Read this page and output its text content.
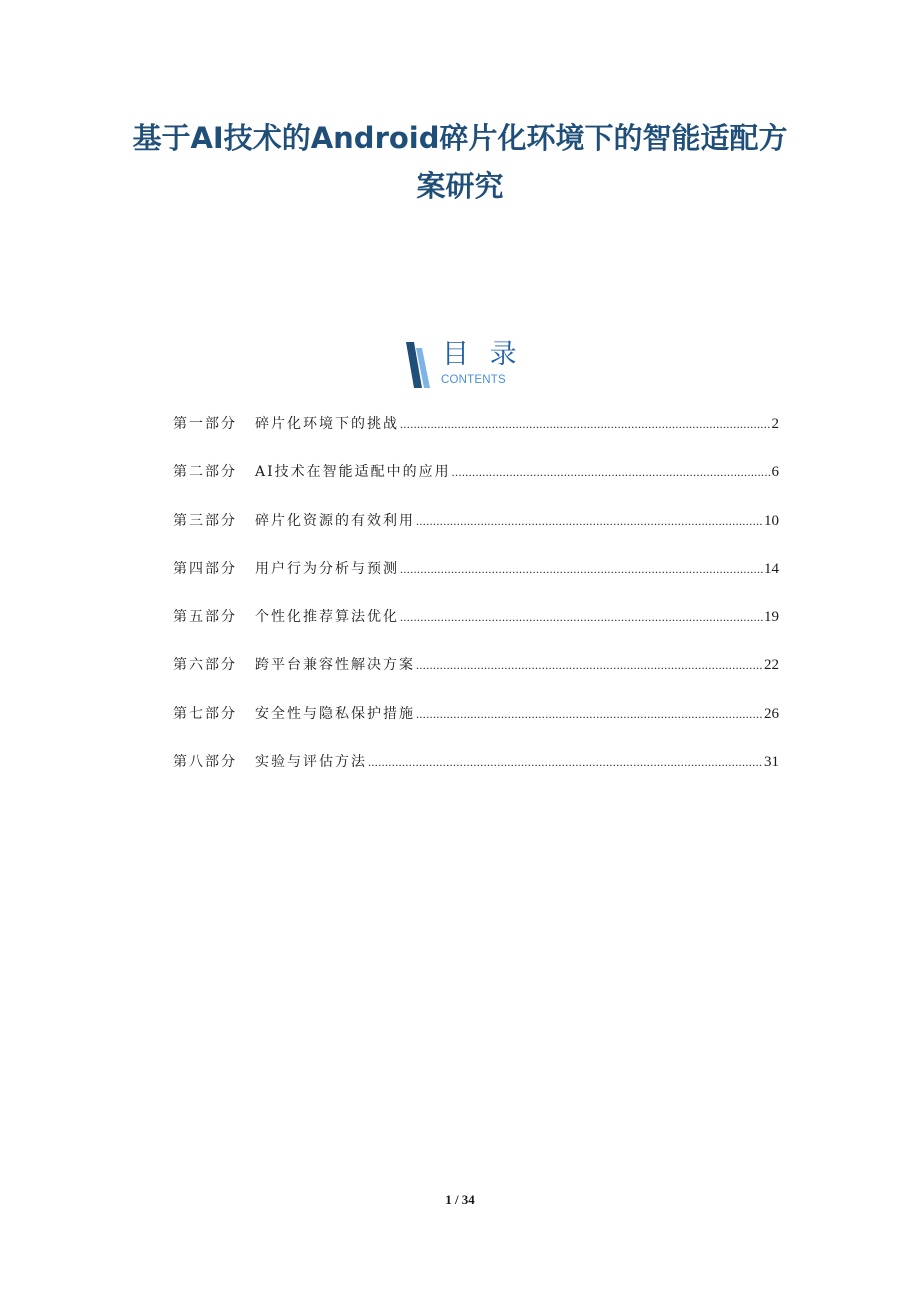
基于AI技术的Android碎片化环境下的智能适配方
案研究
目 录
CONTENTS
第一部分	碎片化环境下的挑战 .....	2
第二部分	AI技术在智能适配中的应用 .....	6
第三部分	碎片化资源的有效利用 .....	10
第四部分	用户行为分析与预测 .....	14
第五部分	个性化推荐算法优化 .....	19
第六部分	跨平台兼容性解决方案 .....	22
第七部分	安全性与隐私保护措施 .....	26
第八部分	实验与评估方法 .....	31
1 / 34
